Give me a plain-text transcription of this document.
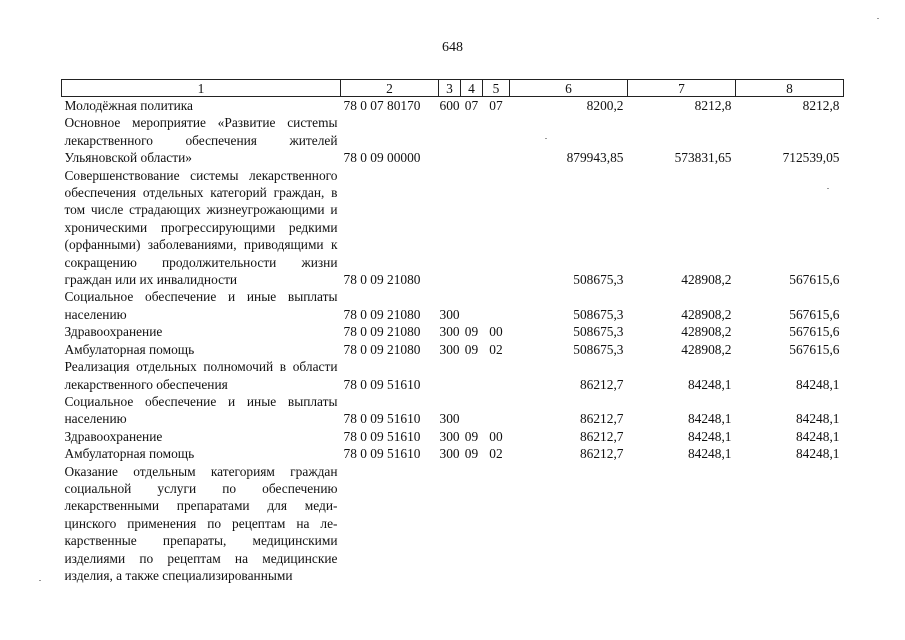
648
1	2	3	4	5	6	7	8
Молодёжная политика	78 0 07 80170	600	07	07	8200,2	8212,8	8212,8
Основное мероприятие «Развитие систеmы лекарственного обеспечения жителей Ульяновской области»	78 0 09 00000				879943,85	573831,65	712539,05
Совершенствование системы лекарственного обеспечения отдельных категорий граждан, в том числе страдающих жизнеугрожающими и хроническими прогрессирующими редкими (орфанными) заболеваниями, приводящими к сокращению продолжительности жизни граждан или их инвалидности	78 0 09 21080				508675,3	428908,2	567615,6
Социальное обеспечение и иные выплаты населению	78 0 09 21080	300			508675,3	428908,2	567615,6
Здравоохранение	78 0 09 21080	300	09	00	508675,3	428908,2	567615,6
Амбулаторная помощь	78 0 09 21080	300	09	02	508675,3	428908,2	567615,6
Реализация отдельных полномочий в области лекарственного обеспечения	78 0 09 51610				86212,7	84248,1	84248,1
Социальное обеспечение и иные выплаты населению	78 0 09 51610	300			86212,7	84248,1	84248,1
Здравоохранение	78 0 09 51610	300	09	00	86212,7	84248,1	84248,1
Амбулаторная помощь	78 0 09 51610	300	09	02	86212,7	84248,1	84248,1
Оказание отдельным категориям граждан социальной услуги по обеспечению лекарственными препаратами для медицинского применения по рецептам на лекарственные препараты, медицинскими изделиями по рецептам на медицинские изделия, а также специализированными							
